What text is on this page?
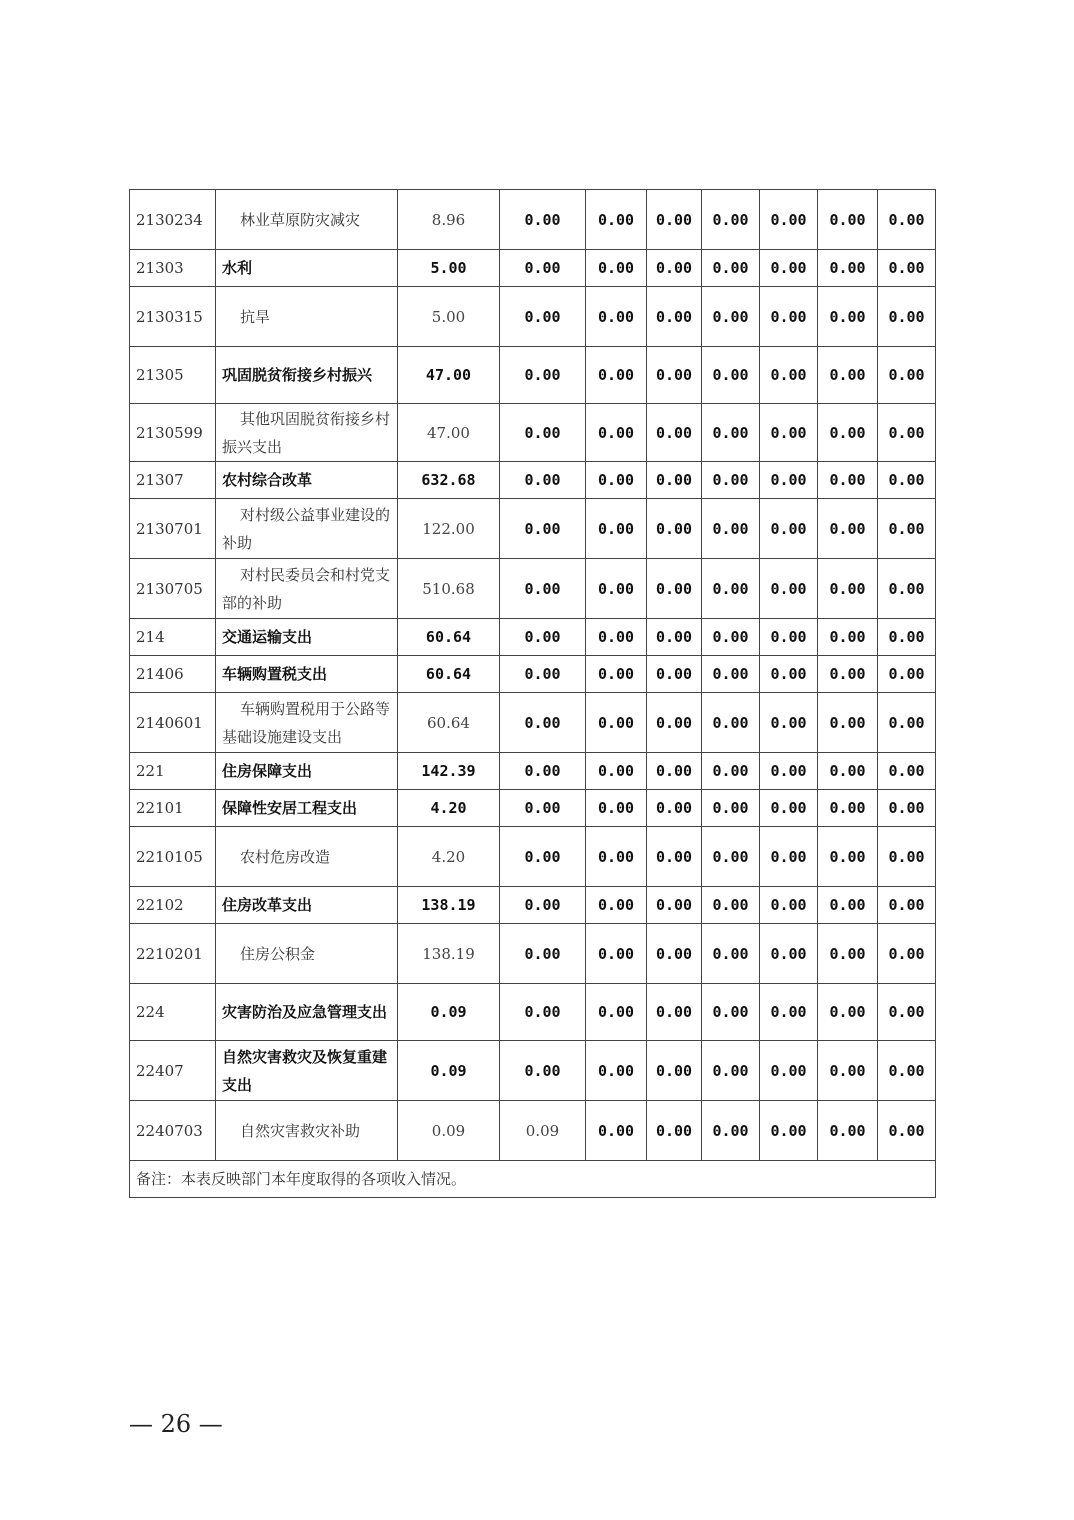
2130234	林业草原防灾减灾	8.96	0.00	0.00	0.00	0.00	0.00	0.00	0.00
21303	水利	5.00	0.00	0.00	0.00	0.00	0.00	0.00	0.00
2130315	抗旱	5.00	0.00	0.00	0.00	0.00	0.00	0.00	0.00
21305	巩固脱贫衔接乡村振兴	47.00	0.00	0.00	0.00	0.00	0.00	0.00	0.00
2130599	其他巩固脱贫衔接乡村振兴支出	47.00	0.00	0.00	0.00	0.00	0.00	0.00	0.00
21307	农村综合改革	632.68	0.00	0.00	0.00	0.00	0.00	0.00	0.00
2130701	对村级公益事业建设的补助	122.00	0.00	0.00	0.00	0.00	0.00	0.00	0.00
2130705	对村民委员会和村党支部的补助	510.68	0.00	0.00	0.00	0.00	0.00	0.00	0.00
214	交通运输支出	60.64	0.00	0.00	0.00	0.00	0.00	0.00	0.00
21406	车辆购置税支出	60.64	0.00	0.00	0.00	0.00	0.00	0.00	0.00
2140601	车辆购置税用于公路等基础设施建设支出	60.64	0.00	0.00	0.00	0.00	0.00	0.00	0.00
221	住房保障支出	142.39	0.00	0.00	0.00	0.00	0.00	0.00	0.00
22101	保障性安居工程支出	4.20	0.00	0.00	0.00	0.00	0.00	0.00	0.00
2210105	农村危房改造	4.20	0.00	0.00	0.00	0.00	0.00	0.00	0.00
22102	住房改革支出	138.19	0.00	0.00	0.00	0.00	0.00	0.00	0.00
2210201	住房公积金	138.19	0.00	0.00	0.00	0.00	0.00	0.00	0.00
224	灾害防治及应急管理支出	0.09	0.00	0.00	0.00	0.00	0.00	0.00	0.00
22407	自然灾害救灾及恢复重建支出	0.09	0.00	0.00	0.00	0.00	0.00	0.00	0.00
2240703	自然灾害救灾补助	0.09	0.09	0.00	0.00	0.00	0.00	0.00	0.00
备注：本表反映部门本年度取得的各项收入情况。									
— 26 —
